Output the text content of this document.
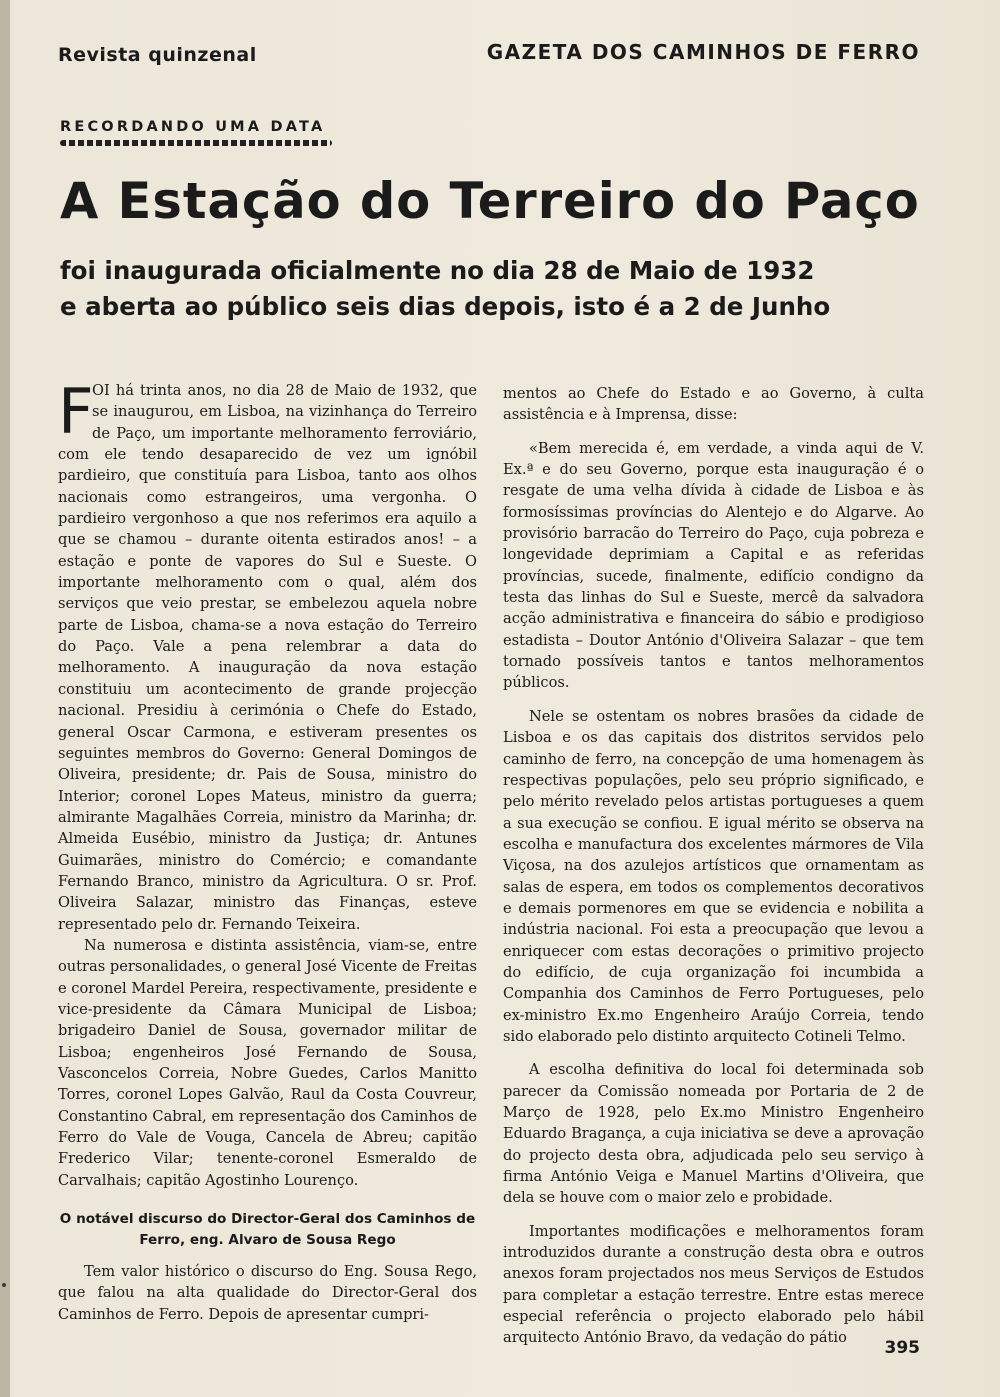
Revista quinzenal	GAZETA DOS CAMINHOS DE FERRO
RECORDANDO UMA DATA
A Estação do Terreiro do Paço
foi inaugurada oficialmente no dia 28 de Maio de 1932
e aberta ao público seis dias depois, isto é a 2 de Junho

F
OI há trinta anos, no dia 28 de Maio de 1932, que se inaugurou, em Lisboa, na vizinhança do Terreiro de Paço, um importante melhoramento ferroviário, com ele tendo desaparecido de vez um ignóbil pardieiro, que constituía para Lisboa, tanto aos olhos nacionais como estrangeiros, uma vergonha. O pardieiro vergonhoso a que nos referimos era aquilo a que se chamou – durante oitenta estirados anos! – a estação e ponte de vapores do Sul e Sueste. O importante melhoramento com o qual, além dos serviços que veio prestar, se embelezou aquela nobre parte de Lisboa, chama-se a nova estação do Terreiro do Paço. Vale a pena relembrar a data do melhoramento. A inauguração da nova estação constituiu um acontecimento de grande projecção nacional. Presidiu à cerimónia o Chefe do Estado, general Oscar Carmona, e estiveram presentes os seguintes membros do Governo: General Domingos de Oliveira, presidente; dr. Pais de Sousa, ministro do Interior; coronel Lopes Mateus, ministro da guerra; almirante Magalhães Correia, ministro da Marinha; dr. Almeida Eusébio, ministro da Justiça; dr. Antunes Guimarães, ministro do Comércio; e comandante Fernando Branco, ministro da Agricultura. O sr. Prof. Oliveira Salazar, ministro das Finanças, esteve representado pelo dr. Fernando Teixeira.

Na numerosa e distinta assistência, viam-se, entre outras personalidades, o general José Vicente de Freitas e coronel Mardel Pereira, respectivamente, presidente e vice-presidente da Câmara Municipal de Lisboa; brigadeiro Daniel de Sousa, governador militar de Lisboa; engenheiros José Fernando de Sousa, Vasconcelos Correia, Nobre Guedes, Carlos Manitto Torres, coronel Lopes Galvão, Raul da Costa Couvreur, Constantino Cabral, em representação dos Caminhos de Ferro do Vale de Vouga, Cancela de Abreu; capitão Frederico Vilar; tenente-coronel Esmeraldo de Carvalhais; capitão Agostinho Lourenço.

O notável discurso do Director-Geral dos Caminhos de Ferro, eng. Alvaro de Sousa Rego

Tem valor histórico o discurso do Eng. Sousa Rego, que falou na alta qualidade do Director-Geral dos Caminhos de Ferro. Depois de apresentar cumpri-

mentos ao Chefe do Estado e ao Governo, à culta assistência e à Imprensa, disse:

«Bem merecida é, em verdade, a vinda aqui de V. Ex.ª e do seu Governo, porque esta inauguração é o resgate de uma velha dívida à cidade de Lisboa e às formosíssimas províncias do Alentejo e do Algarve. Ao provisório barracão do Terreiro do Paço, cuja pobreza e longevidade deprimiam a Capital e as referidas províncias, sucede, finalmente, edifício condigno da testa das linhas do Sul e Sueste, mercê da salvadora acção administrativa e financeira do sábio e prodigioso estadista – Doutor António d'Oliveira Salazar – que tem tornado possíveis tantos e tantos melhoramentos públicos.

Nele se ostentam os nobres brasões da cidade de Lisboa e os das capitais dos distritos servidos pelo caminho de ferro, na concepção de uma homenagem às respectivas populações, pelo seu próprio significado, e pelo mérito revelado pelos artistas portugueses a quem a sua execução se confiou. E igual mérito se observa na escolha e manufactura dos excelentes mármores de Vila Viçosa, na dos azulejos artísticos que ornamentam as salas de espera, em todos os complementos decorativos e demais pormenores em que se evidencia e nobilita a indústria nacional. Foi esta a preocupação que levou a enriquecer com estas decorações o primitivo projecto do edifício, de cuja organização foi incumbida a Companhia dos Caminhos de Ferro Portugueses, pelo ex-ministro Ex.mo Engenheiro Araújo Correia, tendo sido elaborado pelo distinto arquitecto Cotineli Telmo.

A escolha definitiva do local foi determinada sob parecer da Comissão nomeada por Portaria de 2 de Março de 1928, pelo Ex.mo Ministro Engenheiro Eduardo Bragança, a cuja iniciativa se deve a aprovação do projecto desta obra, adjudicada pelo seu serviço à firma António Veiga e Manuel Martins d'Oliveira, que dela se houve com o maior zelo e probidade.

Importantes modificações e melhoramentos foram introduzidos durante a construção desta obra e outros anexos foram projectados nos meus Serviços de Estudos para completar a estação terrestre. Entre estas merece especial referência o projecto elaborado pelo hábil arquitecto António Bravo, da vedação do pátio

395
